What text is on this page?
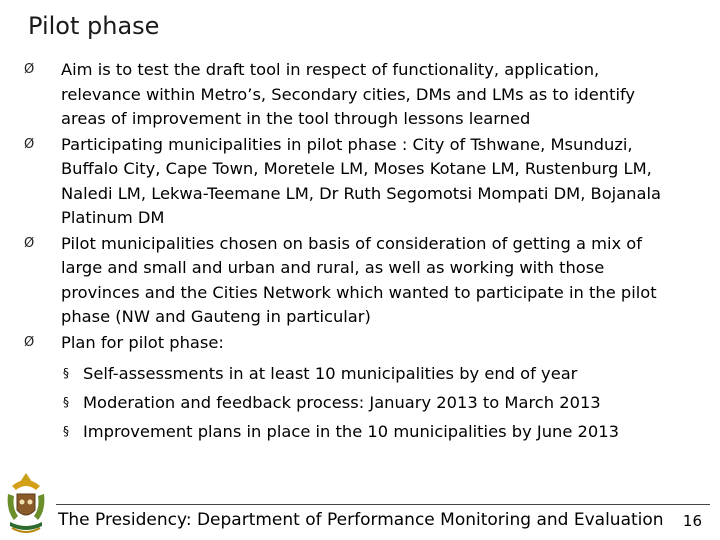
Pilot phase
Ø Aim is to test the draft tool in respect of functionality, application, relevance within Metro’s, Secondary cities, DMs and LMs as to identify areas of improvement in the tool through lessons learned
Ø Participating municipalities in pilot phase : City of Tshwane, Msunduzi, Buffalo City, Cape Town, Moretele LM, Moses Kotane LM, Rustenburg LM, Naledi LM, Lekwa-Teemane LM, Dr Ruth Segomotsi Mompati DM, Bojanala Platinum DM
Ø Pilot municipalities chosen on basis of consideration of getting a mix of large and small and urban and rural, as well as working with those provinces and the Cities Network which wanted to participate in the pilot phase (NW and Gauteng in particular)
Ø Plan for pilot phase:
§ Self-assessments in at least 10 municipalities by end of year
§ Moderation and feedback process: January 2013 to March 2013
§ Improvement plans in place in the 10 municipalities by June 2013
The Presidency: Department of Performance Monitoring and Evaluation 16
